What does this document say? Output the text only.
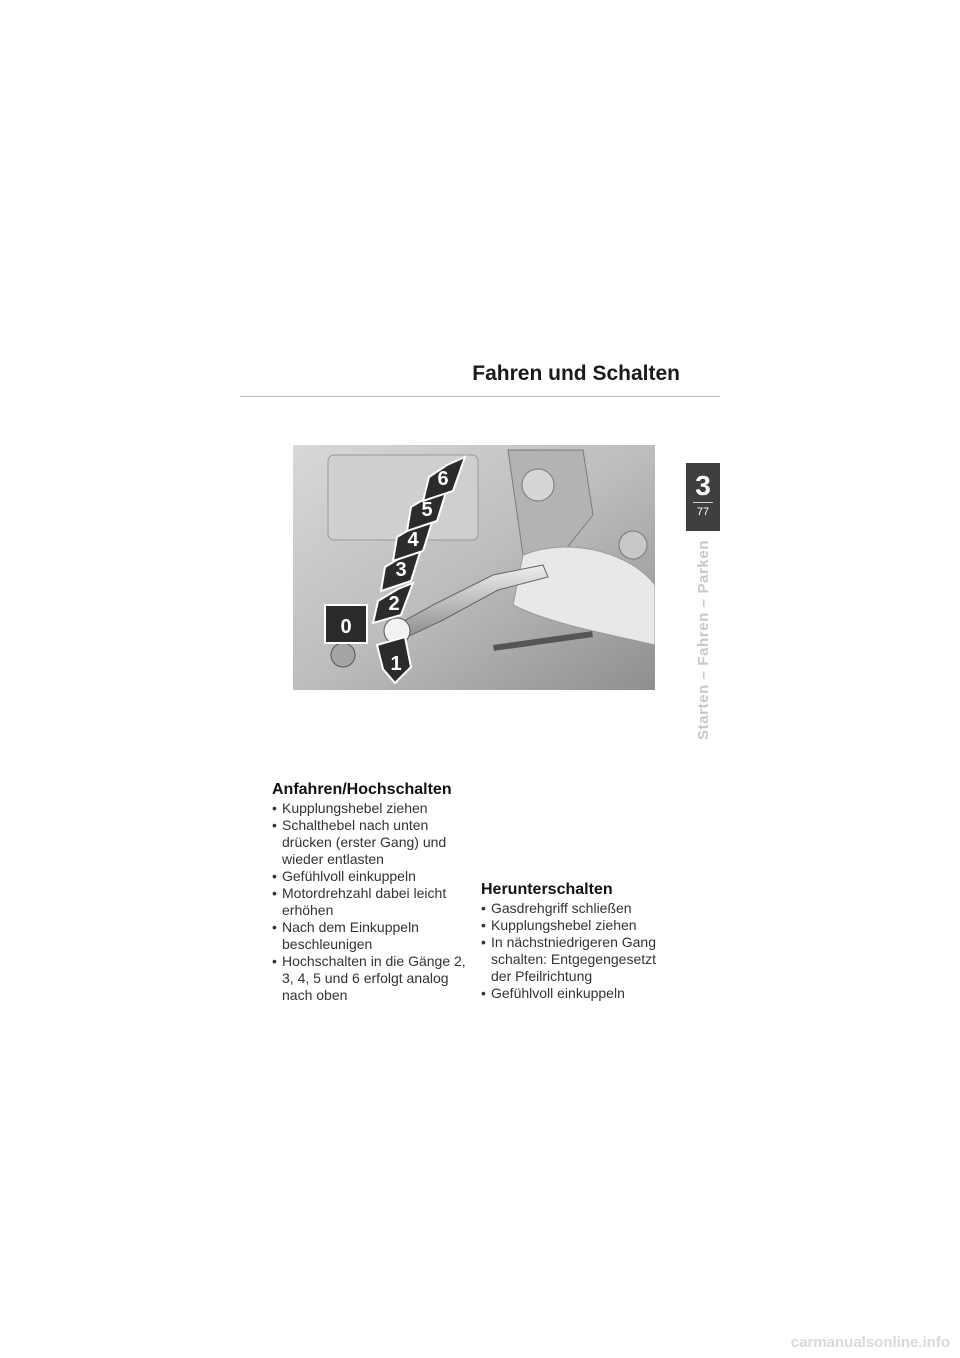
Fahren und Schalten
3
77
Starten – Fahren – Parken
0
1
2
3
4
5
6
Anfahren/Hochschalten
• Kupplungshebel ziehen
• Schalthebel nach unten drücken (erster Gang) und wieder entlasten
• Gefühlvoll einkuppeln
• Motordrehzahl dabei leicht erhöhen
• Nach dem Einkuppeln beschleunigen
• Hochschalten in die Gänge 2, 3, 4, 5 und 6 erfolgt analog nach oben
Herunterschalten
• Gasdrehgriff schließen
• Kupplungshebel ziehen
• In nächstniedrigeren Gang schalten: Entgegengesetzt der Pfeilrichtung
• Gefühlvoll einkuppeln
carmanualsonline.info
